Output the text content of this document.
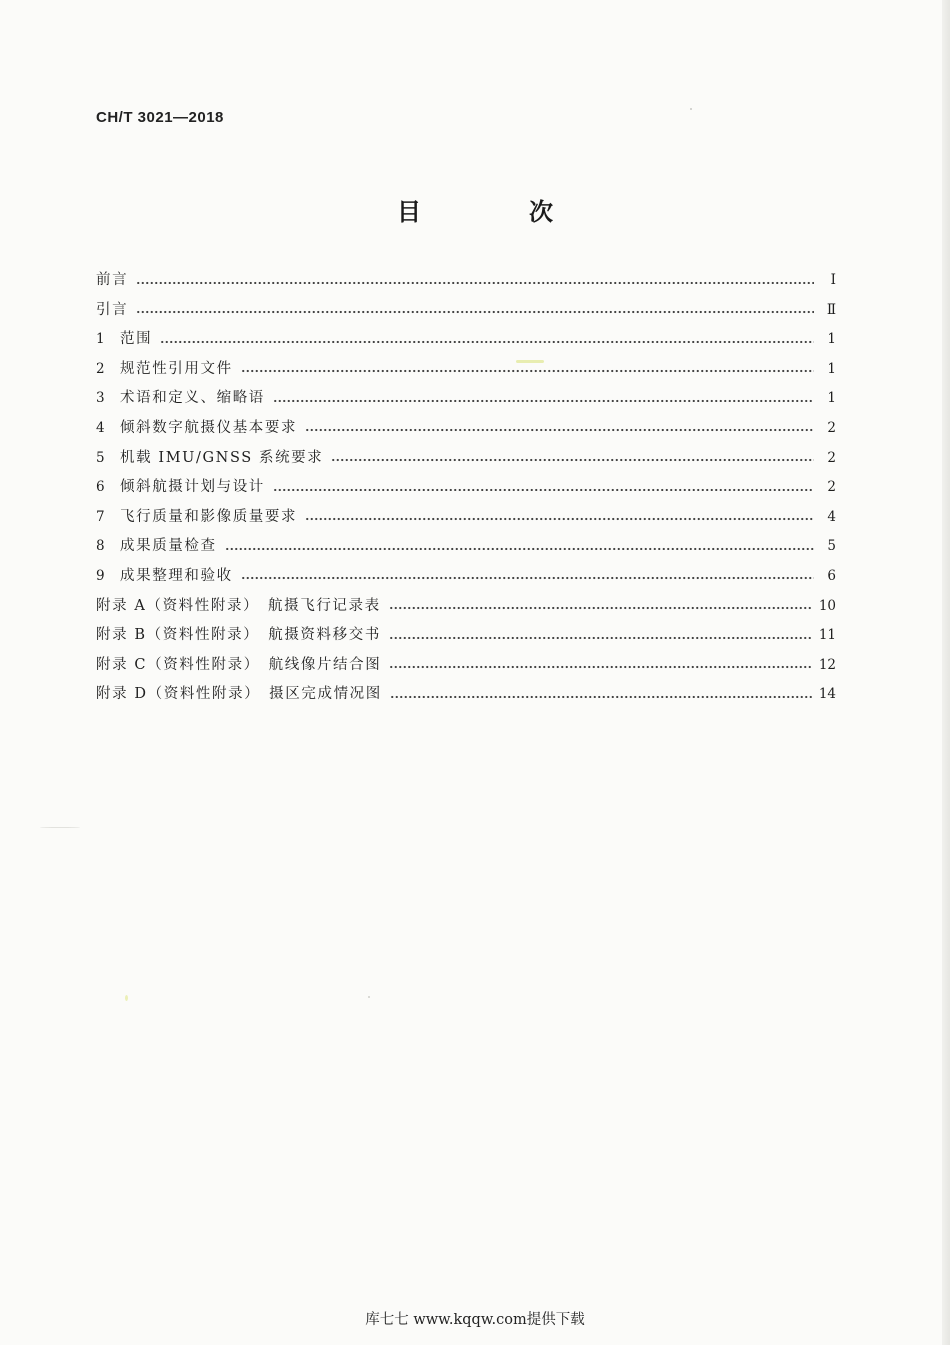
CH/T 3021—2018
目　次
前言	Ⅰ
引言	Ⅱ
1	范围	1
2	规范性引用文件	1
3	术语和定义、缩略语	1
4	倾斜数字航摄仪基本要求	2
5	机载 IMU/GNSS 系统要求	2
6	倾斜航摄计划与设计	2
7	飞行质量和影像质量要求	4
8	成果质量检查	5
9	成果整理和验收	6
附录 A（资料性附录）　航摄飞行记录表	10
附录 B（资料性附录）　航摄资料移交书	11
附录 C（资料性附录）　航线像片结合图	12
附录 D（资料性附录）　摄区完成情况图	14
库七七 www.kqqw.com提供下载
